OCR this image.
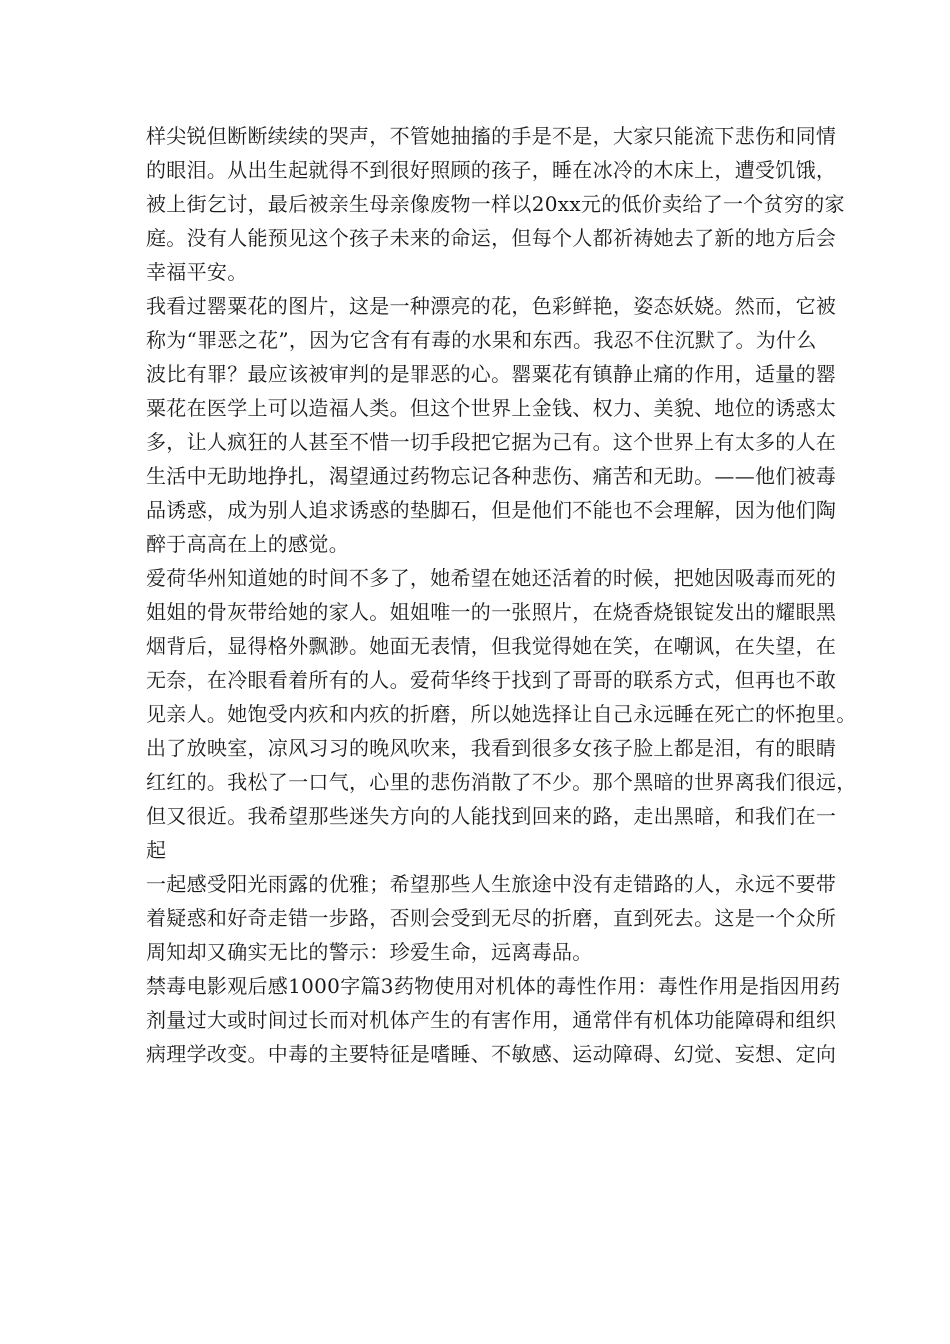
样尖锐但断断续续的哭声，不管她抽搐的手是不是，大家只能流下悲伤和同情
的眼泪。从出生起就得不到很好照顾的孩子，睡在冰冷的木床上，遭受饥饿，
被上街乞讨，最后被亲生母亲像废物一样以20xx元的低价卖给了一个贫穷的家
庭。没有人能预见这个孩子未来的命运，但每个人都祈祷她去了新的地方后会
幸福平安。
我看过罂粟花的图片，这是一种漂亮的花，色彩鲜艳，姿态妖娆。然而，它被
称为“罪恶之花”，因为它含有有毒的水果和东西。我忍不住沉默了。为什么
波比有罪？最应该被审判的是罪恶的心。罂粟花有镇静止痛的作用，适量的罂
粟花在医学上可以造福人类。但这个世界上金钱、权力、美貌、地位的诱惑太
多，让人疯狂的人甚至不惜一切手段把它据为己有。这个世界上有太多的人在
生活中无助地挣扎，渴望通过药物忘记各种悲伤、痛苦和无助。——他们被毒
品诱惑，成为别人追求诱惑的垫脚石，但是他们不能也不会理解，因为他们陶
醉于高高在上的感觉。
爱荷华州知道她的时间不多了，她希望在她还活着的时候，把她因吸毒而死的
姐姐的骨灰带给她的家人。姐姐唯一的一张照片，在烧香烧银锭发出的耀眼黑
烟背后，显得格外飘渺。她面无表情，但我觉得她在笑，在嘲讽，在失望，在
无奈，在冷眼看着所有的人。爱荷华终于找到了哥哥的联系方式，但再也不敢
见亲人。她饱受内疚和内疚的折磨，所以她选择让自己永远睡在死亡的怀抱里。
出了放映室，凉风习习的晚风吹来，我看到很多女孩子脸上都是泪，有的眼睛
红红的。我松了一口气，心里的悲伤消散了不少。那个黑暗的世界离我们很远，
但又很近。我希望那些迷失方向的人能找到回来的路，走出黑暗，和我们在一
起
一起感受阳光雨露的优雅；希望那些人生旅途中没有走错路的人，永远不要带
着疑惑和好奇走错一步路，否则会受到无尽的折磨，直到死去。这是一个众所
周知却又确实无比的警示：珍爱生命，远离毒品。
禁毒电影观后感1000字篇3药物使用对机体的毒性作用：毒性作用是指因用药
剂量过大或时间过长而对机体产生的有害作用，通常伴有机体功能障碍和组织
病理学改变。中毒的主要特征是嗜睡、不敏感、运动障碍、幻觉、妄想、定向
